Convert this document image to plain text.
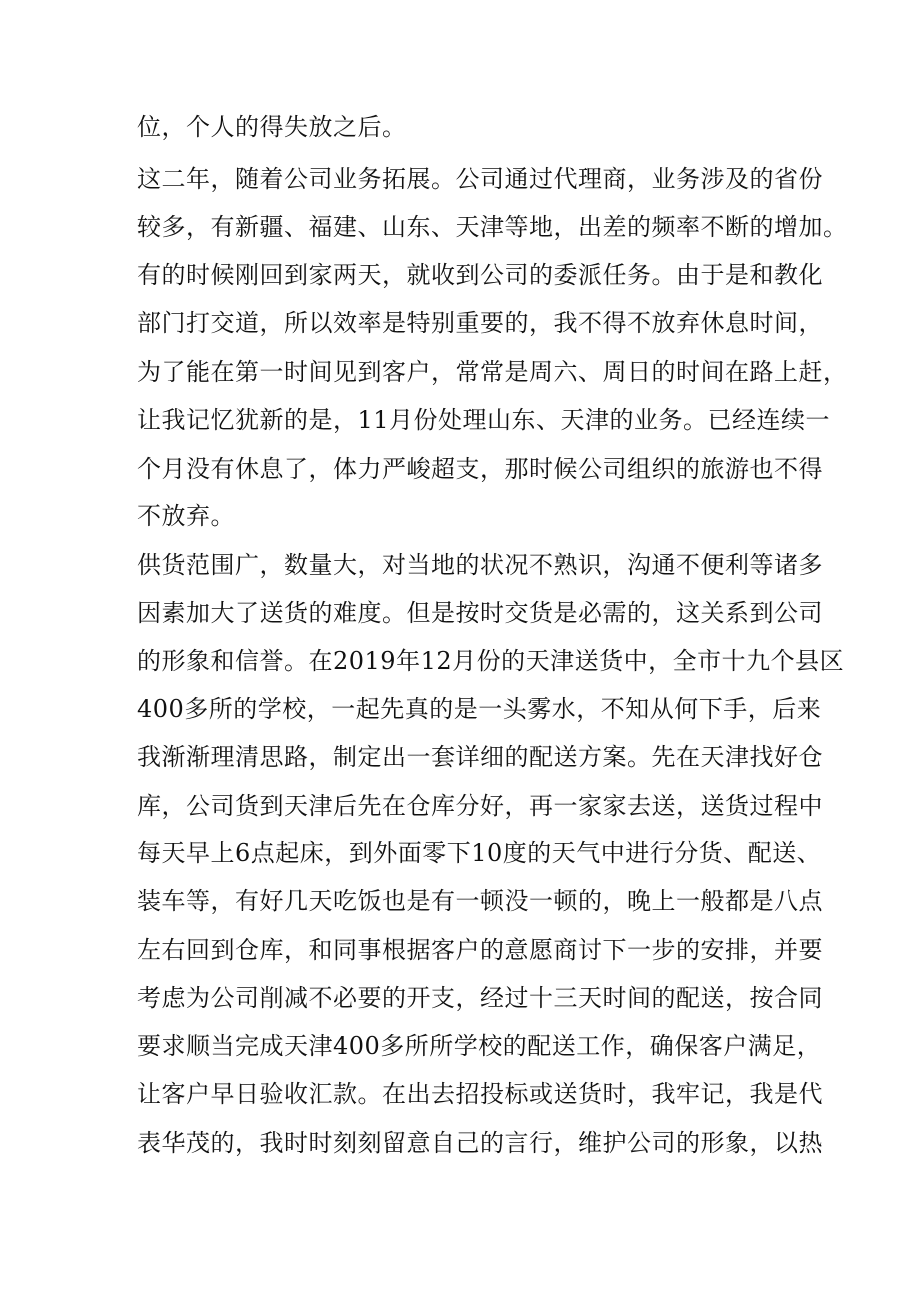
位，个人的得失放之后。
这二年，随着公司业务拓展。公司通过代理商，业务涉及的省份
较多，有新疆、福建、山东、天津等地，出差的频率不断的增加。
有的时候刚回到家两天，就收到公司的委派任务。由于是和教化
部门打交道，所以效率是特别重要的，我不得不放弃休息时间，
为了能在第一时间见到客户，常常是周六、周日的时间在路上赶，
让我记忆犹新的是，11月份处理山东、天津的业务。已经连续一
个月没有休息了，体力严峻超支，那时候公司组织的旅游也不得
不放弃。
供货范围广，数量大，对当地的状况不熟识，沟通不便利等诸多
因素加大了送货的难度。但是按时交货是必需的，这关系到公司
的形象和信誉。在2019年12月份的天津送货中，全市十九个县区
400多所的学校，一起先真的是一头雾水，不知从何下手，后来
我渐渐理清思路，制定出一套详细的配送方案。先在天津找好仓
库，公司货到天津后先在仓库分好，再一家家去送，送货过程中
每天早上6点起床，到外面零下10度的天气中进行分货、配送、
装车等，有好几天吃饭也是有一顿没一顿的，晚上一般都是八点
左右回到仓库，和同事根据客户的意愿商讨下一步的安排，并要
考虑为公司削减不必要的开支，经过十三天时间的配送，按合同
要求顺当完成天津400多所所学校的配送工作，确保客户满足，
让客户早日验收汇款。在出去招投标或送货时，我牢记，我是代
表华茂的，我时时刻刻留意自己的言行，维护公司的形象，以热
